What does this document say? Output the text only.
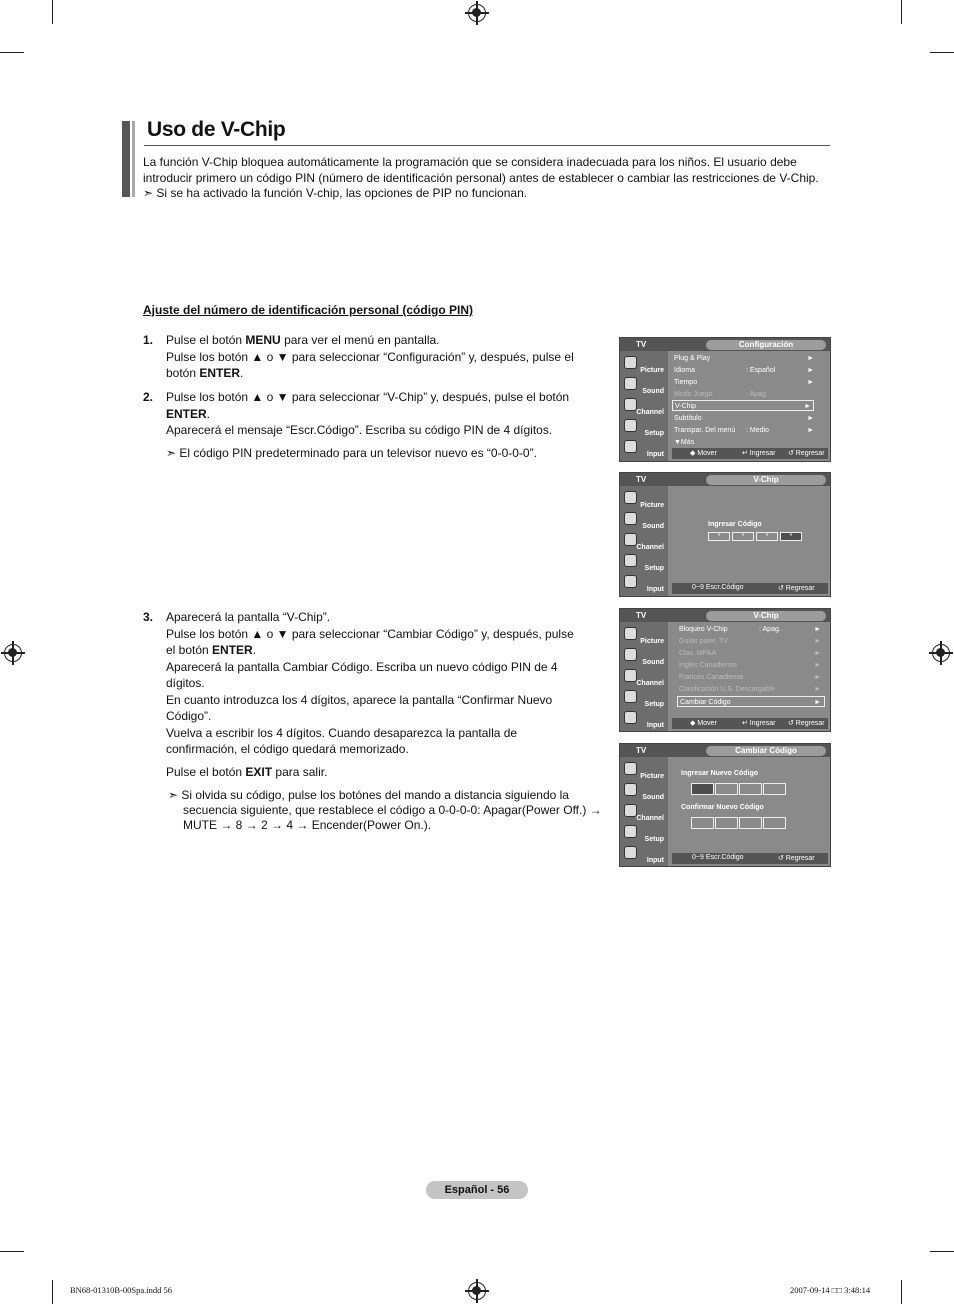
Uso de V-Chip
La función V-Chip bloquea automáticamente la programación que se considera inadecuada para los niños. El usuario debe
introducir primero un código PIN (número de identificación personal) antes de establecer o cambiar las restricciones de V-Chip.
➣ Si se ha activado la función V-chip, las opciones de PIP no funcionan.
Ajuste del número de identificación personal (código PIN)
1. Pulse el botón MENU para ver el menú en pantalla.
Pulse los botón ▲ o ▼ para seleccionar “Configuración” y, después, pulse el
botón ENTER.
2. Pulse los botón ▲ o ▼ para seleccionar “V-Chip” y, después, pulse el botón
ENTER.
Aparecerá el mensaje “Escr.Código”. Escriba su código PIN de 4 dígitos.
➣ El código PIN predeterminado para un televisor nuevo es “0-0-0-0”.
3. Aparecerá la pantalla “V-Chip”.
Pulse los botón ▲ o ▼ para seleccionar “Cambiar Código” y, después, pulse
el botón ENTER.
Aparecerá la pantalla Cambiar Código. Escriba un nuevo código PIN de 4
dígitos.
En cuanto introduzca los 4 dígitos, aparece la pantalla “Confirmar Nuevo
Código”.
Vuelva a escribir los 4 dígitos. Cuando desaparezca la pantalla de
confirmación, el código quedará memorizado.
Pulse el botón EXIT para salir.
➣ Si olvida su código, pulse los botónes del mando a distancia siguiendo la
secuencia siguiente, que restablece el código a 0-0-0-0: Apagar(Power Off.) →
MUTE → 8 → 2 → 4 → Encender(Power On.).
TV	Configuración
Picture
Sound
Channel
Setup
Input
Plug & Play	►
Idioma	: Español	►
Tiempo	►
Modo Juego	: Apag.
V-Chip	►
Subtítulo	►
Transpar. Del menú : Medio	►
▼Más
◆ Mover	↵ Ingresar ↺ Regresar
TV	V-Chip
Picture
Sound
Channel
Setup
Input
Ingresar Código
*	*	*	*
0~9 Escr.Código	↺ Regresar
TV	V-Chip
Picture
Sound
Channel
Setup
Input
Bloqueo V-Chip	: Apag.	►
Guías pater. TV	►
Clas. MPAA	►
Inglés Canadiense	►
Francés Canadiense	►
Clasificación U.S. Descargable	►
Cambiar Código	►
◆ Mover	↵ Ingresar ↺ Regresar
TV	Cambiar Código
Picture
Sound
Channel
Setup
Input
Ingresar Nuevo Código
Confirmar Nuevo Código
0~9 Escr.Código	↺ Regresar
Español - 56
BN68-01310B-00Spa.indd 56	2007-09-14 □□ 3:48:14
